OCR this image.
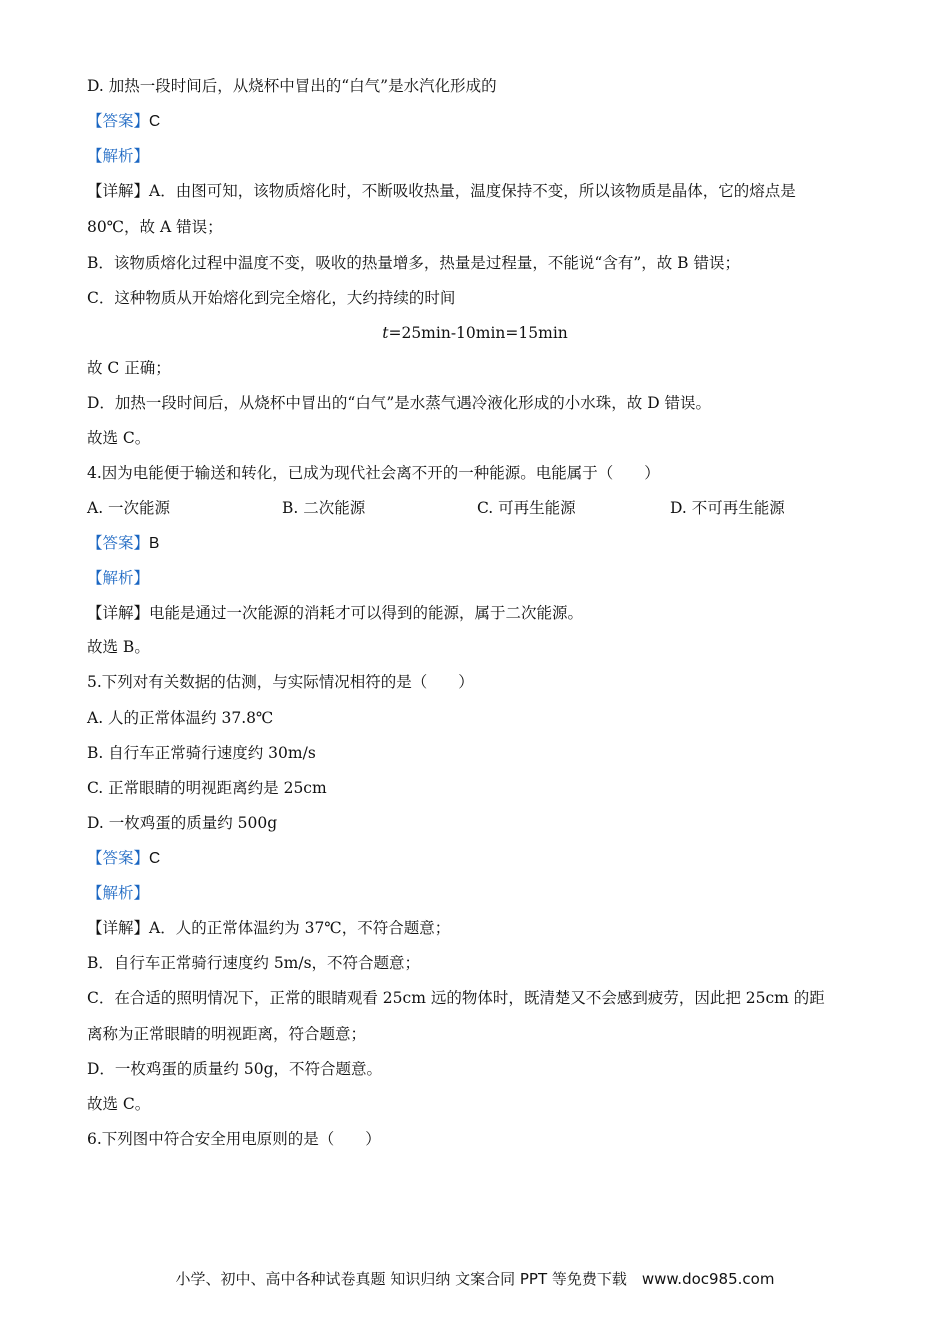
D. 加热一段时间后，从烧杯中冒出的“白气”是水汽化形成的
【答案】C
【解析】
【详解】A．由图可知，该物质熔化时，不断吸收热量，温度保持不变，所以该物质是晶体，它的熔点是
80℃，故 A 错误；
B．该物质熔化过程中温度不变，吸收的热量增多，热量是过程量，不能说“含有”，故 B 错误；
C．这种物质从开始熔化到完全熔化，大约持续的时间
t=25min-10min=15min
故 C 正确；
D．加热一段时间后，从烧杯中冒出的“白气”是水蒸气遇冷液化形成的小水珠，故 D 错误。
故选 C。
4.因为电能便于输送和转化，已成为现代社会离不开的一种能源。电能属于（　　）
A. 一次能源	B. 二次能源	C. 可再生能源	D. 不可再生能源
【答案】B
【解析】
【详解】电能是通过一次能源的消耗才可以得到的能源，属于二次能源。
故选 B。
5.下列对有关数据的估测，与实际情况相符的是（　　）
A. 人的正常体温约 37.8℃
B. 自行车正常骑行速度约 30m/s
C. 正常眼睛的明视距离约是 25cm
D. 一枚鸡蛋的质量约 500g
【答案】C
【解析】
【详解】A．人的正常体温约为 37℃，不符合题意；
B．自行车正常骑行速度约 5m/s，不符合题意；
C．在合适的照明情况下，正常的眼睛观看 25cm 远的物体时，既清楚又不会感到疲劳，因此把 25cm 的距
离称为正常眼睛的明视距离，符合题意；
D．一枚鸡蛋的质量约 50g，不符合题意。
故选 C。
6.下列图中符合安全用电原则的是（　　）
小学、初中、高中各种试卷真题 知识归纳 文案合同 PPT 等免费下载　www.doc985.com
